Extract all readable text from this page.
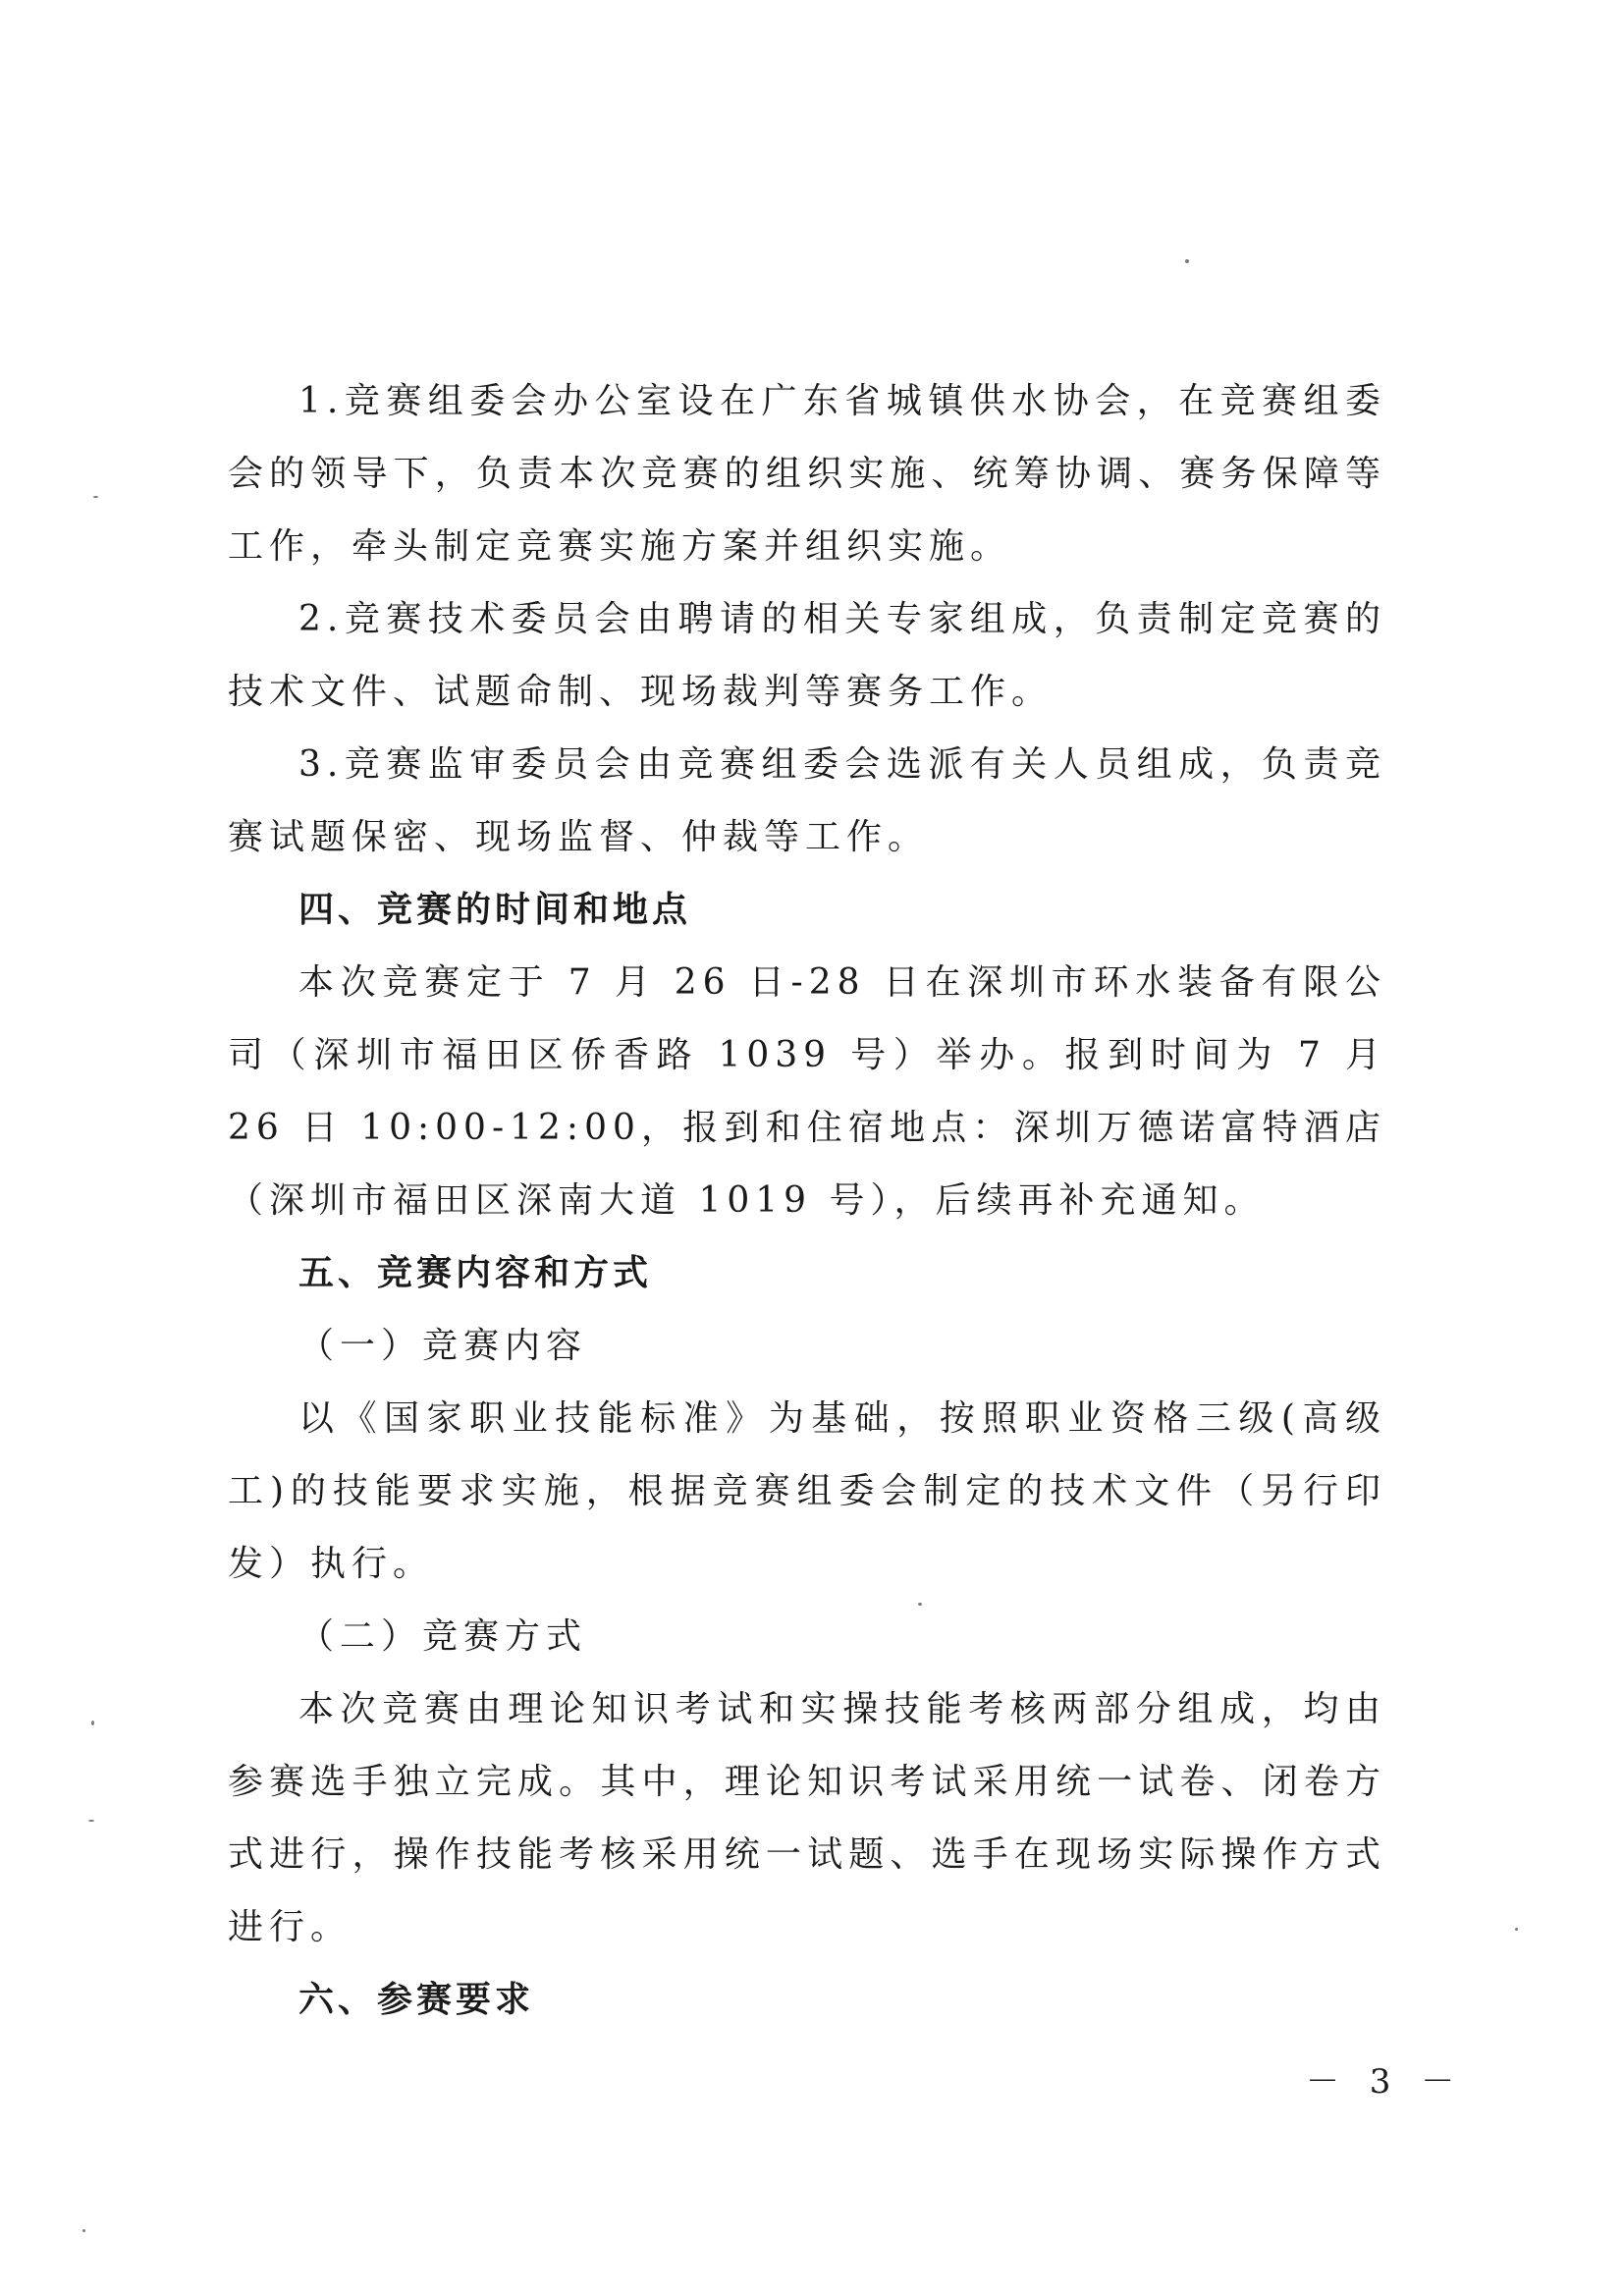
1.竞赛组委会办公室设在广东省城镇供水协会，在竞赛组委会的领导下，负责本次竞赛的组织实施、统筹协调、赛务保障等工作，牵头制定竞赛实施方案并组织实施。

2.竞赛技术委员会由聘请的相关专家组成，负责制定竞赛的技术文件、试题命制、现场裁判等赛务工作。

3.竞赛监审委员会由竞赛组委会选派有关人员组成，负责竞赛试题保密、现场监督、仲裁等工作。

四、竞赛的时间和地点

本次竞赛定于 7 月 26 日-28 日在深圳市环水装备有限公司（深圳市福田区侨香路 1039 号）举办。报到时间为 7 月 26 日 10:00-12:00，报到和住宿地点：深圳万德诺富特酒店（深圳市福田区深南大道 1019 号），后续再补充通知。

五、竞赛内容和方式

（一）竞赛内容

以《国家职业技能标准》为基础，按照职业资格三级(高级工)的技能要求实施，根据竞赛组委会制定的技术文件（另行印发）执行。

（二）竞赛方式

本次竞赛由理论知识考试和实操技能考核两部分组成，均由参赛选手独立完成。其中，理论知识考试采用统一试卷、闭卷方式进行，操作技能考核采用统一试题、选手在现场实际操作方式进行。

六、参赛要求

－ 3 －
